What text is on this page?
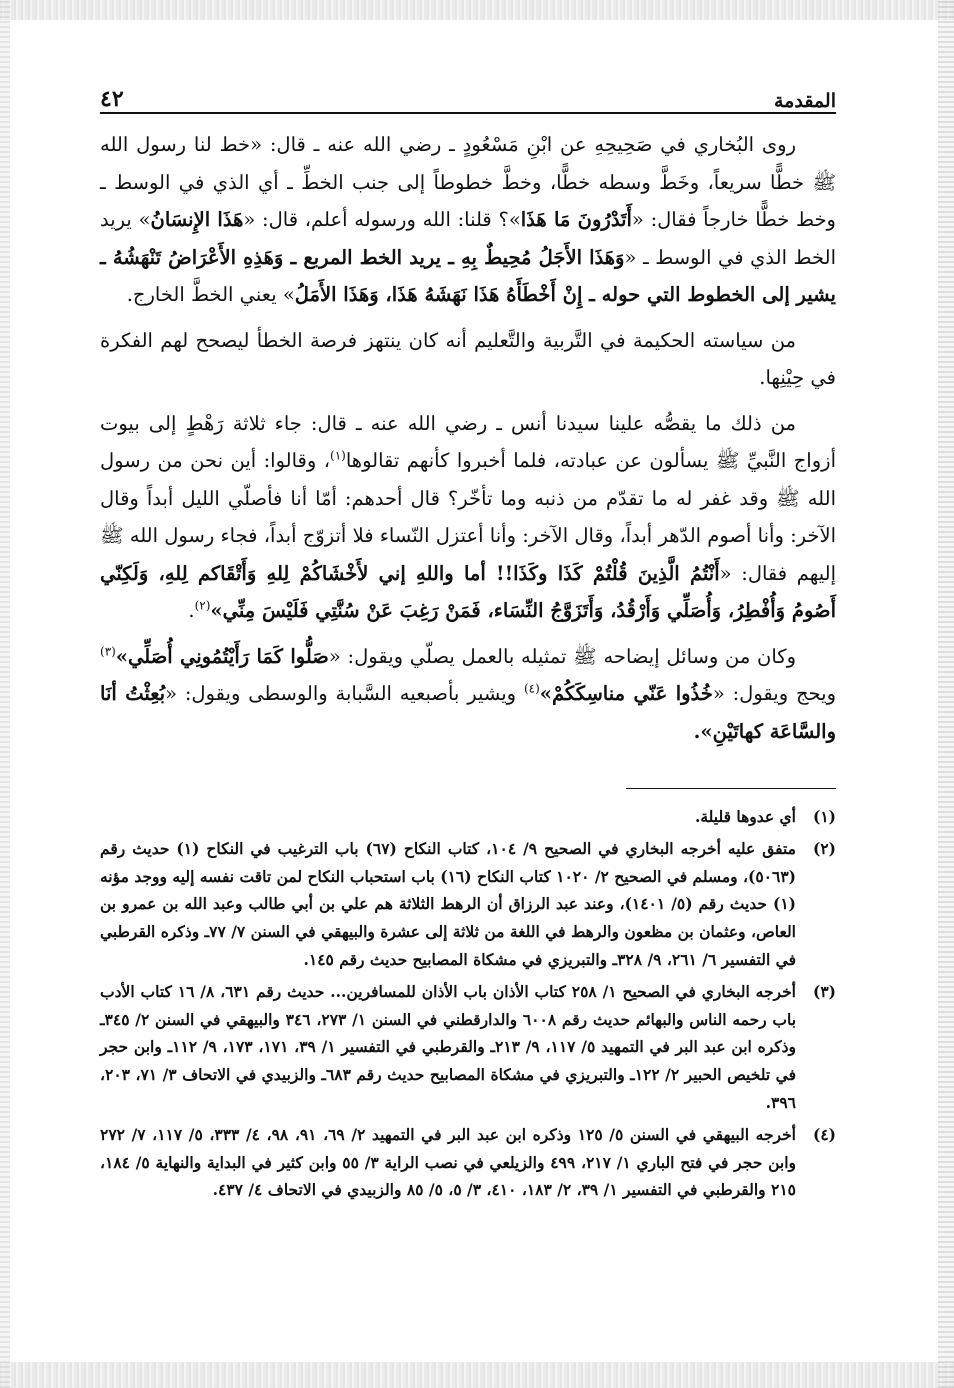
المقدمة
٤٢

روى البُخاري في صَحِيحِهِ عن ابْنِ مَسْعُودٍ ـ رضي الله عنه ـ قال: «خط لنا رسول الله ﷺ خطًّا سريعاً، وخَطَّ وسطه خطًّا، وخطَّ خطوطاً إلى جنب الخطِّ ـ أي الذي في الوسط ـ وخط خطًّا خارجاً فقال: «أَتَدْرُونَ مَا هَذَا»؟ قلنا: الله ورسوله أعلم، قال: «هَذَا الإِنسَانُ» يريد الخط الذي في الوسط ـ «وَهَذَا الأَجَلُ مُحِيطٌ بِهِ ـ يريد الخط المربع ـ وَهَذِهِ الأَعْرَاضُ تَنْهَشُهُ ـ يشير إلى الخطوط التي حوله ـ إِنْ أَخْطَأَهُ هَذَا نَهَشَهُ هَذَا، وَهَذَا الأَمَلُ» يعني الخطَّ الخارج.

من سياسته الحكيمة في التَّربية والتَّعليم أنه كان ينتهز فرصة الخطأ ليصحح لهم الفكرة في حِيْنِها.

من ذلك ما يقصُّه علينا سيدنا أنس ـ رضي الله عنه ـ قال: جاء ثلاثة رَهْطٍ إلى بيوت أزواج النَّبيِّ ﷺ يسألون عن عبادته، فلما أخبروا كأنهم تقالوها$^{(١)}$، وقالوا: أين نحن من رسول الله ﷺ وقد غفر له ما تقدّم من ذنبه وما تأخّر؟ قال أحدهم: أمّا أنا فأصلّي الليل أبداً وقال الآخر: وأنا أصوم الدّهر أبداً، وقال الآخر: وأنا أعتزل النّساء فلا أتزوّج أبداً، فجاء رسول الله ﷺ إليهم فقال: «أَنْتُمُ الَّذِينَ قُلْتُمْ كَذَا وكَذَا!! أما واللهِ إني لأَخْشَاكُمْ لِلهِ وَأَتْقَاكم لِلهِ، وَلَكِنّي أَصُومُ وَأُفْطِرُ، وَأُصَلِّي وَأَرْقُدُ، وَأَتَزَوَّجُ النِّسَاء، فَمَنْ رَغِبَ عَنْ سُنَّتِي فَلَيْسَ مِنِّي»$^{(٢)}$.

وكان من وسائل إيضاحه ﷺ تمثيله بالعمل يصلّي ويقول: «صَلُّوا كَمَا رَأَيْتُمُونِي أُصَلِّي»$^{(٣)}$ ويحج ويقول: «خُذُوا عَنّي مناسِكَكُمْ»$^{(٤)}$ ويشير بأصبعيه السَّبابة والوسطى ويقول: «بُعِثْتُ أنَا والسَّاعَة كهاتَيْنِ».

(١)
أي عدوها قليلة.
(٢)
متفق عليه أخرجه البخاري في الصحيح ٩/ ١٠٤، كتاب النكاح (٦٧) باب الترغيب في النكاح (١) حديث رقم (٥٠٦٣)، ومسلم في الصحيح ٢/ ١٠٢٠ كتاب النكاح (١٦) باب استحباب النكاح لمن تاقت نفسه إليه ووجد مؤنه (١) حديث رقم (٥/ ١٤٠١)، وعند عبد الرزاق أن الرهط الثلاثة هم علي بن أبي طالب وعبد الله بن عمرو بن العاص، وعثمان بن مظعون والرهط في اللغة من ثلاثة إلى عشرة والبيهقي في السنن ٧/ ٧٧ـ وذكره القرطبي في التفسير ٦/ ٢٦١، ٩/ ٣٢٨ـ والتبريزي في مشكاة المصابيح حديث رقم ١٤٥.
(٣)
أخرجه البخاري في الصحيح ١/ ٢٥٨ كتاب الأذان باب الأذان للمسافرين... حديث رقم ٦٣١، ٨/ ١٦ كتاب الأدب باب رحمه الناس والبهائم حديث رقم ٦٠٠٨ والدارقطني في السنن ١/ ٢٧٣، ٣٤٦ والبيهقي في السنن ٢/ ٣٤٥ـ وذكره ابن عبد البر في التمهيد ٥/ ١١٧، ٩/ ٢١٣ـ والقرطبي في التفسير ١/ ٣٩، ١٧١، ١٧٣، ٩/ ١١٢ـ وابن حجر في تلخيص الحبير ٢/ ١٢٢ـ والتبريزي في مشكاة المصابيح حديث رقم ٦٨٣ـ والزبيدي في الاتحاف ٣/ ٧١، ٢٠٣، ٣٩٦.
(٤)
أخرجه البيهقي في السنن ٥/ ١٢٥ وذكره ابن عبد البر في التمهيد ٢/ ٦٩، ٩١، ٩٨، ٤/ ٣٣٣، ٥/ ١١٧، ٧/ ٢٧٢ وابن حجر في فتح الباري ١/ ٢١٧، ٤٩٩ والزيلعي في نصب الراية ٣/ ٥٥ وابن كثير في البداية والنهاية ٥/ ١٨٤، ٢١٥ والقرطبي في التفسير ١/ ٣٩، ٢/ ١٨٣، ٤١٠، ٣/ ٥، ٥/ ٨٥ والزبيدي في الاتحاف ٤/ ٤٣٧.
